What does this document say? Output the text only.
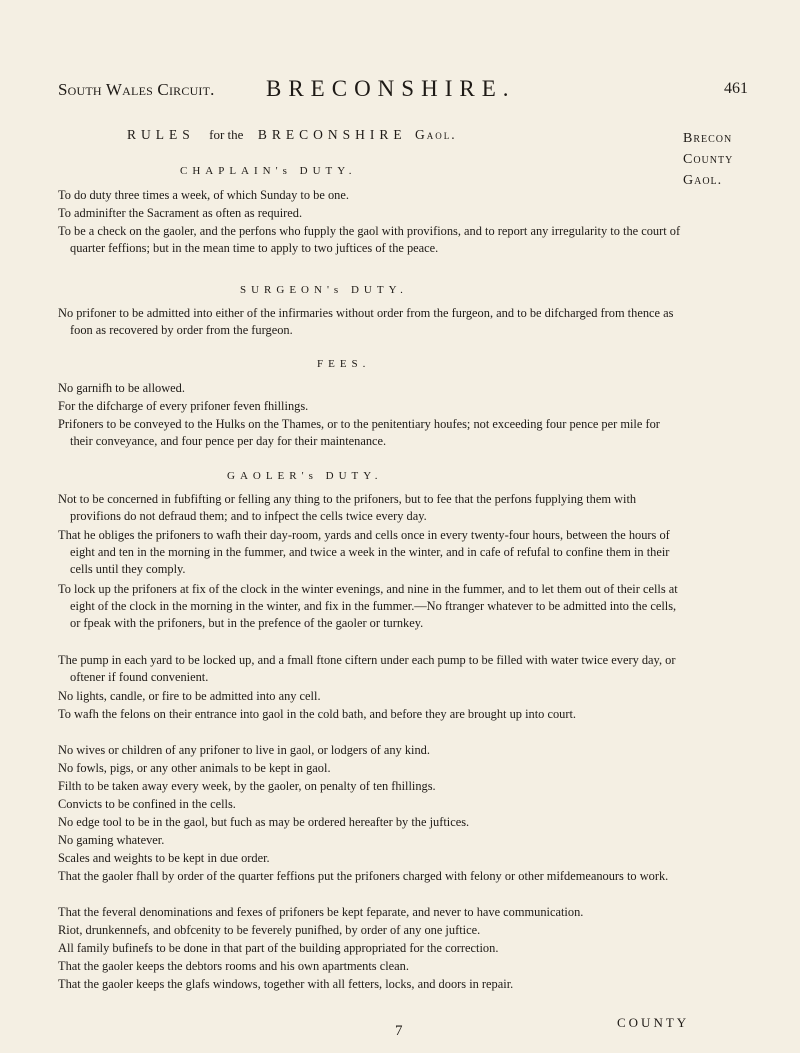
South Wales Circuit. BRECONSHIRE.	461
Brecon
County
Gaol.
RULES for the BRECONSHIRE Gaol.
CHAPLAIN's DUTY.

To do duty three times a week, of which Sunday to be one.

To adminifter the Sacrament as often as required.

To be a check on the gaoler, and the perfons who fupply the gaol with provifions, and to report any irregularity to the court of quarter feffions; but in the mean time to apply to two juftices of the peace.

SURGEON's DUTY.

No prifoner to be admitted into either of the infirmaries without order from the furgeon, and to be difcharged from thence as foon as recovered by order from the furgeon.

FEES.

No garnifh to be allowed.

For the difcharge of every prifoner feven fhillings.

Prifoners to be conveyed to the Hulks on the Thames, or to the penitentiary houfes; not exceeding four pence per mile for their conveyance, and four pence per day for their maintenance.

GAOLER's DUTY.

Not to be concerned in fubfifting or felling any thing to the prifoners, but to fee that the perfons fupplying them with provifions do not defraud them; and to infpect the cells twice every day.

That he obliges the prifoners to wafh their day-room, yards and cells once in every twenty-four hours, between the hours of eight and ten in the morning in the fummer, and twice a week in the winter, and in cafe of refufal to confine them in their cells until they comply.

To lock up the prifoners at fix of the clock in the winter evenings, and nine in the fummer, and to let them out of their cells at eight of the clock in the morning in the winter, and fix in the fummer.—No ftranger whatever to be admitted into the cells, or fpeak with the prifoners, but in the prefence of the gaoler or turnkey.

The pump in each yard to be locked up, and a fmall ftone ciftern under each pump to be filled with water twice every day, or oftener if found convenient.

No lights, candle, or fire to be admitted into any cell.

To wafh the felons on their entrance into gaol in the cold bath, and before they are brought up into court.

No wives or children of any prifoner to live in gaol, or lodgers of any kind.

No fowls, pigs, or any other animals to be kept in gaol.

Filth to be taken away every week, by the gaoler, on penalty of ten fhillings.

Convicts to be confined in the cells.

No edge tool to be in the gaol, but fuch as may be ordered hereafter by the juftices.

No gaming whatever.

Scales and weights to be kept in due order.

That the gaoler fhall by order of the quarter feffions put the prifoners charged with felony or other mifdemeanours to work.

That the feveral denominations and fexes of prifoners be kept feparate, and never to have communication.

Riot, drunkennefs, and obfcenity to be feverely punifhed, by order of any one juftice.

All family bufinefs to be done in that part of the building appropriated for the correction.

That the gaoler keeps the debtors rooms and his own apartments clean.

That the gaoler keeps the glafs windows, together with all fetters, locks, and doors in repair.

COUNTY
7
